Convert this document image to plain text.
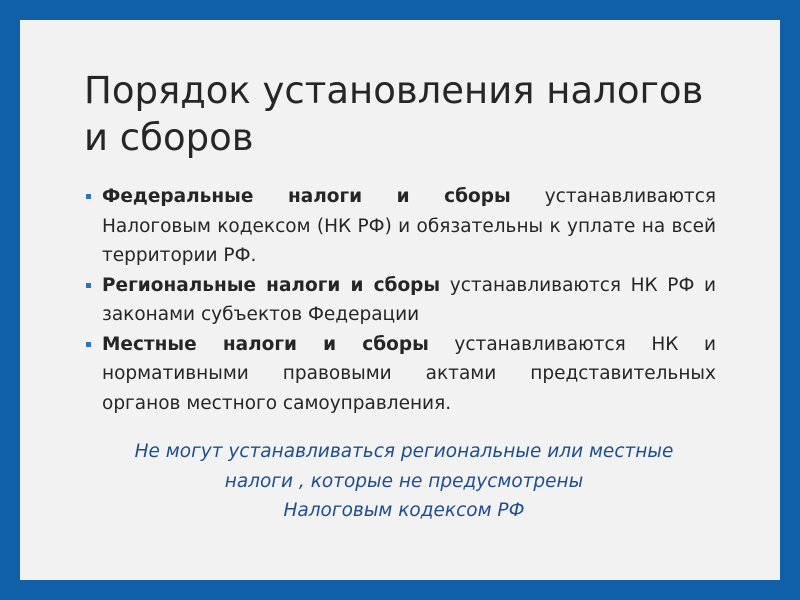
Порядок установления налогов
и сборов
Федеральные налоги и сборы устанавливаются Налоговым кодексом (НК РФ) и обязательны к уплате на всей территории РФ.
Региональные налоги и сборы устанавливаются НК РФ и законами субъектов Федерации
Местные налоги и сборы устанавливаются НК и нормативными правовыми актами представительных органов местного самоуправления.
Не могут устанавливаться региональные или местные
налоги , которые не предусмотрены
Налоговым кодексом РФ
